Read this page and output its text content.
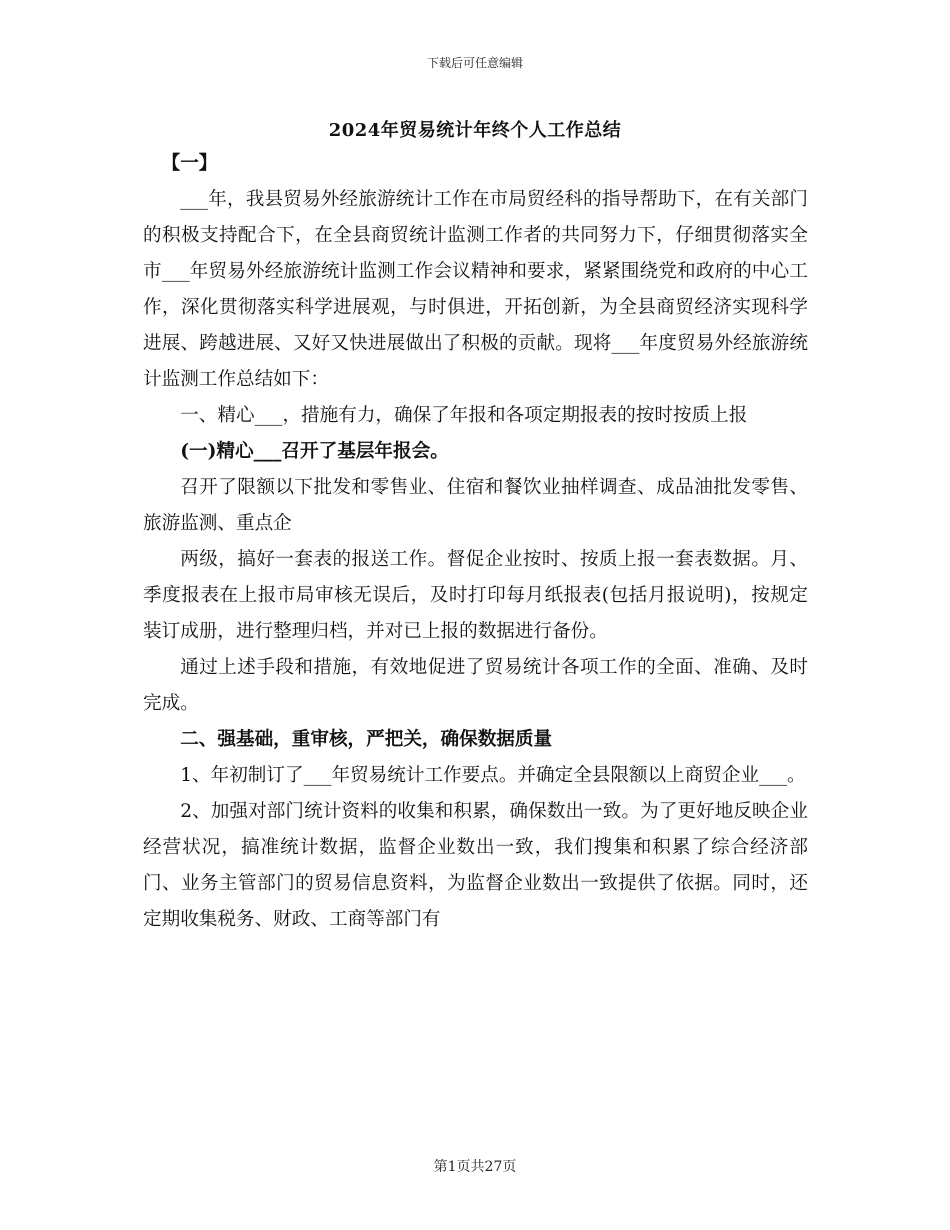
下载后可任意编辑
2024年贸易统计年终个人工作总结

【一】

___年，我县贸易外经旅游统计工作在市局贸经科的指导帮助下，在有关部门的积极支持配合下，在全县商贸统计监测工作者的共同努力下，仔细贯彻落实全市___年贸易外经旅游统计监测工作会议精神和要求，紧紧围绕党和政府的中心工作，深化贯彻落实科学进展观，与时俱进，开拓创新，为全县商贸经济实现科学进展、跨越进展、又好又快进展做出了积极的贡献。现将___年度贸易外经旅游统计监测工作总结如下：

一、精心___，措施有力，确保了年报和各项定期报表的按时按质上报

(一)精心___召开了基层年报会。

召开了限额以下批发和零售业、住宿和餐饮业抽样调查、成品油批发零售、旅游监测、重点企

两级，搞好一套表的报送工作。督促企业按时、按质上报一套表数据。月、季度报表在上报市局审核无误后，及时打印每月纸报表(包括月报说明)，按规定装订成册，进行整理归档，并对已上报的数据进行备份。

通过上述手段和措施，有效地促进了贸易统计各项工作的全面、准确、及时完成。

二、强基础，重审核，严把关，确保数据质量

1、年初制订了___年贸易统计工作要点。并确定全县限额以上商贸企业___。

2、加强对部门统计资料的收集和积累，确保数出一致。为了更好地反映企业经营状况，搞准统计数据，监督企业数出一致，我们搜集和积累了综合经济部门、业务主管部门的贸易信息资料，为监督企业数出一致提供了依据。同时，还定期收集税务、财政、工商等部门有

第1页共27页
